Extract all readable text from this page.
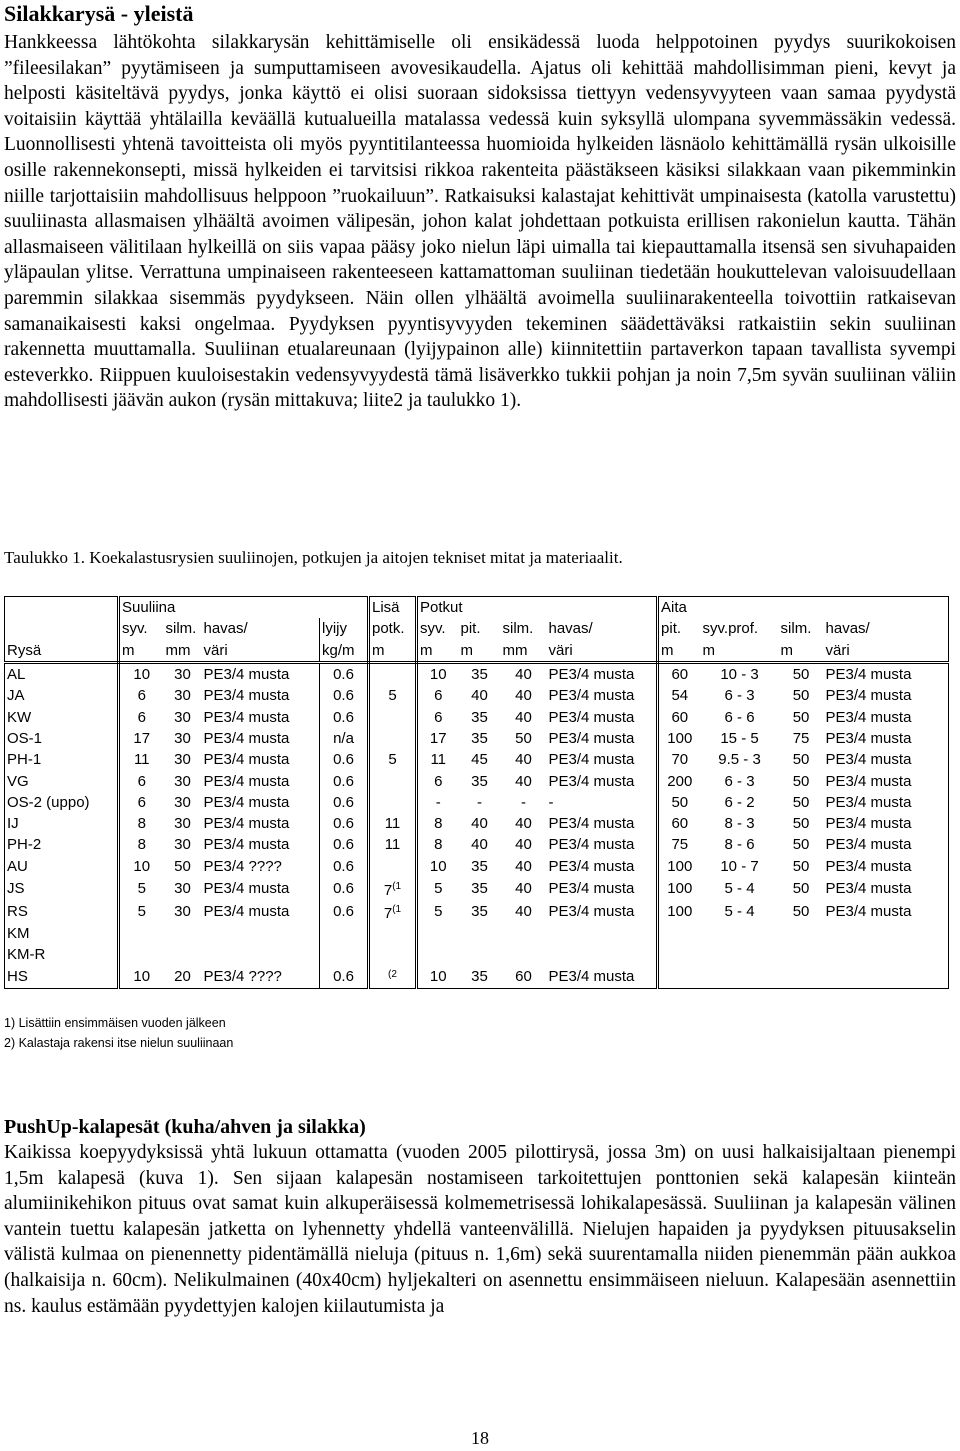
Silakkarysä - yleistä

Hankkeessa lähtökohta silakkarysän kehittämiselle oli ensikädessä luoda helppotoinen pyydys suurikokoisen ”fileesilakan” pyytämiseen ja sumputtamiseen avovesikaudella. Ajatus oli kehittää mahdollisimman pieni, kevyt ja helposti käsiteltävä pyydys, jonka käyttö ei olisi suoraan sidoksissa tiettyyn vedensyvyyteen vaan samaa pyydystä voitaisiin käyttää yhtälailla keväällä kutualueilla matalassa vedessä kuin syksyllä ulompana syvemmässäkin vedessä. Luonnollisesti yhtenä tavoitteista oli myös pyyntitilanteessa huomioida hylkeiden läsnäolo kehittämällä rysän ulkoisille osille rakennekonsepti, missä hylkeiden ei tarvitsisi rikkoa rakenteita päästäkseen käsiksi silakkaan vaan pikemminkin niille tarjottaisiin mahdollisuus helppoon ”ruokailuun”. Ratkaisuksi kalastajat kehittivät umpinaisesta (katolla varustettu) suuliinasta allasmaisen ylhäältä avoimen välipesän, johon kalat johdettaan potkuista erillisen rakonielun kautta. Tähän allasmaiseen välitilaan hylkeillä on siis vapaa pääsy joko nielun läpi uimalla tai kiepauttamalla itsensä sen sivuhapaiden yläpaulan ylitse. Verrattuna umpinaiseen rakenteeseen kattamattoman suuliinan tiedetään houkuttelevan valoisuudellaan paremmin silakkaa sisemmäs pyydykseen. Näin ollen ylhäältä avoimella suuliinarakenteella toivottiin ratkaisevan samanaikaisesti kaksi ongelmaa. Pyydyksen pyyntisyvyyden tekeminen säädettäväksi ratkaistiin sekin suuliinan rakennetta muuttamalla. Suuliinan etualareunaan (lyijypainon alle) kiinnitettiin partaverkon tapaan tavallista syvempi esteverkko. Riippuen kuuloisestakin vedensyvyydestä tämä lisäverkko tukkii pohjan ja noin 7,5m syvän suuliinan väliin mahdollisesti jäävän aukon (rysän mittakuva; liite2 ja taulukko 1).

Taulukko 1. Koekalastusrysien suuliinojen, potkujen ja aitojen tekniset mitat ja materiaalit.
	Suuliina				Lisä	Potkut				Aita			
	syv.	silm.	havas/	lyijy	potk.	syv.	pit.	silm.	havas/	pit.	syv.prof.	silm.	havas/
Rysä	m	mm	väri	kg/m	m	m	m	mm	väri	m	m	m	väri
AL	10	30	PE3/4 musta	0.6		10	35	40	PE3/4 musta	60	10 - 3	50	PE3/4 musta
JA	6	30	PE3/4 musta	0.6	5	6	40	40	PE3/4 musta	54	6 - 3	50	PE3/4 musta
KW	6	30	PE3/4 musta	0.6		6	35	40	PE3/4 musta	60	6 - 6	50	PE3/4 musta
OS-1	17	30	PE3/4 musta	n/a		17	35	50	PE3/4 musta	100	15 - 5	75	PE3/4 musta
PH-1	11	30	PE3/4 musta	0.6	5	11	45	40	PE3/4 musta	70	9.5 - 3	50	PE3/4 musta
VG	6	30	PE3/4 musta	0.6		6	35	40	PE3/4 musta	200	6 - 3	50	PE3/4 musta
OS-2 (uppo)	6	30	PE3/4 musta	0.6		-	-	-	-	50	6 - 2	50	PE3/4 musta
IJ	8	30	PE3/4 musta	0.6	11	8	40	40	PE3/4 musta	60	8 - 3	50	PE3/4 musta
PH-2	8	30	PE3/4 musta	0.6	11	8	40	40	PE3/4 musta	75	8 - 6	50	PE3/4 musta
AU	10	50	PE3/4 ????	0.6		10	35	40	PE3/4 musta	100	10 - 7	50	PE3/4 musta
JS	5	30	PE3/4 musta	0.6	7$^{(1}$	5	35	40	PE3/4 musta	100	5 - 4	50	PE3/4 musta
RS	5	30	PE3/4 musta	0.6	7$^{(1}$	5	35	40	PE3/4 musta	100	5 - 4	50	PE3/4 musta
KM													
KM-R													
HS	10	20	PE3/4 ????	0.6	$^{(2}$	10	35	60	PE3/4 musta				
1) Lisättiin ensimmäisen vuoden jälkeen
2) Kalastaja rakensi itse nielun suuliinaan
PushUp-kalapesät (kuha/ahven ja silakka)

Kaikissa koepyydyksissä yhtä lukuun ottamatta (vuoden 2005 pilottirysä, jossa 3m) on uusi halkaisijaltaan pienempi 1,5m kalapesä (kuva 1). Sen sijaan kalapesän nostamiseen tarkoitettujen ponttonien sekä kalapesän kiinteän alumiinikehikon pituus ovat samat kuin alkuperäisessä kolmemetrisessä lohikalapesässä. Suuliinan ja kalapesän välinen vantein tuettu kalapesän jatketta on lyhennetty yhdellä vanteenvälillä. Nielujen hapaiden ja pyydyksen pituusakselin välistä kulmaa on pienennetty pidentämällä nieluja (pituus n. 1,6m) sekä suurentamalla niiden pienemmän pään aukkoa (halkaisija n. 60cm). Nelikulmainen (40x40cm) hyljekalteri on asennettu ensimmäiseen nieluun. Kalapesään asennettiin ns. kaulus estämään pyydettyjen kalojen kiilautumista ja

18
